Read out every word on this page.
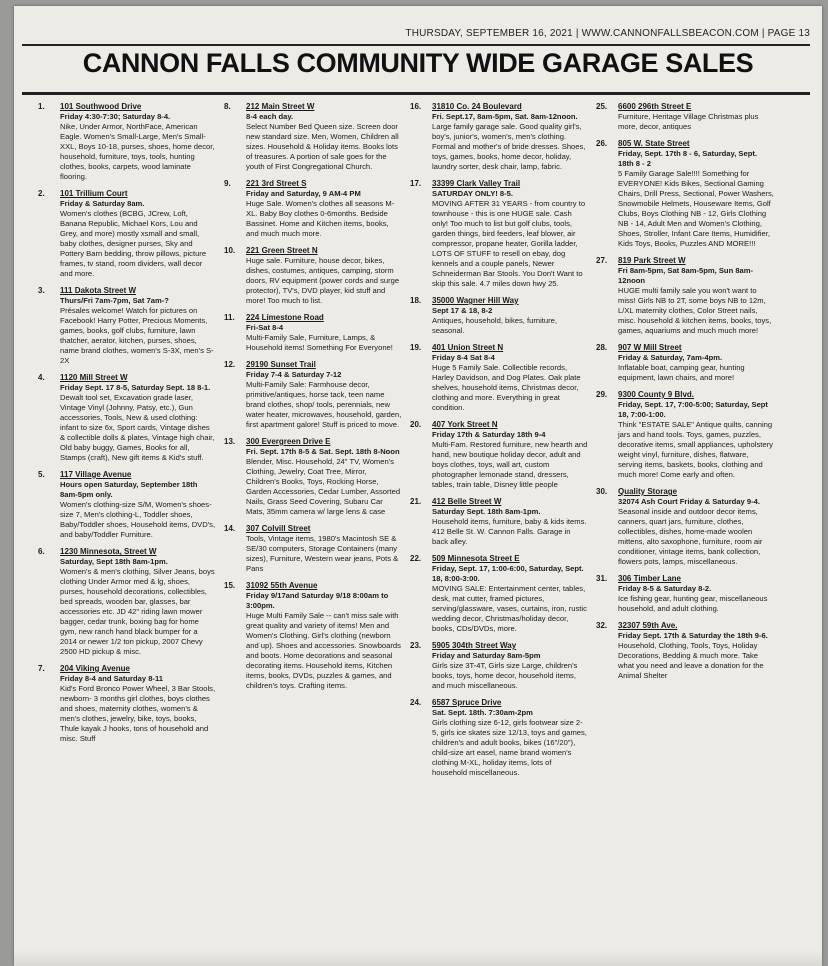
THURSDAY, SEPTEMBER 16, 2021 | WWW.CANNONFALLSBEACON.COM | PAGE 13
CANNON FALLS COMMUNITY WIDE GARAGE SALES
1. 101 Southwood Drive
Friday 4:30-7:30; Saturday 8-4.
Nike, Under Armor, NorthFace, American Eagle. Women's Small-Large, Men's Small-XXL, Boys 10-18, purses, shoes, home decor, household, furniture, toys, tools, hunting clothes, books, carpets, wood laminate flooring.
2. 101 Trillium Court
Friday & Saturday 8am.
Women's clothes (BCBG, JCrew, Loft, Banana Republic, Michael Kors, Lou and Grey, and more) mostly xsmall and small, baby clothes, designer purses, Sky and Pottery Barn bedding, throw pillows, picture frames, tv stand, room dividers, wall decor and more.
3. 111 Dakota Street W
Thurs/Fri 7am-7pm, Sat 7am-?
Présales welcome! Watch for pictures on Facebook! Harry Potter, Precious Moments, games, books, golf clubs, furniture, lawn thatcher, aerator, kitchen, purses, shoes, name brand clothes, women's S-3X, men's S-2X
4. 1120 Mill Street W
Friday Sept. 17 8-5, Saturday Sept. 18 8-1.
Dewalt tool set, Excavation grade laser, Vintage Vinyl (Johnny, Patsy, etc.), Gun accessories, Tools, New & used clothing: infant to size 6x, Sport cards, Vintage dishes & collectible dolls & plates, Vintage high chair, Old baby buggy, Games, Books for all, Stamps (craft), New gift items & Kid's stuff.
5. 117 Village Avenue
Hours open Saturday, September 18th 8am-5pm only.
Women's clothing-size S/M, Women's shoes-size 7, Men's clothing-L, Toddler shoes, Baby/Toddler shoes, Household items, DVD's, and baby/Toddler Furniture.
6. 1230 Minnesota, Street W
Saturday, Sept 18th 8am-1pm.
Women's & men's clothing, Silver Jeans, boys clothing Under Armor med & lg, shoes, purses, household decorations, collectibles, bed spreads, wooden bar, glasses, bar accessories etc. JD 42" riding lawn mower bagger, cedar trunk, boxing bag for home gym, new ranch hand black bumper for a 2014 or newer 1/2 ton pickup, 2007 Chevy 2500 HD pickup & misc.
7. 204 Viking Avenue
Friday 8-4 and Saturday 8-11
Kid's Ford Bronco Power Wheel, 3 Bar Stools, newborn- 3 months girl clothes, boys clothes and shoes, maternity clothes, women's & men's clothes, jewelry, bike, toys, books, Thule kayak J hooks, tons of household and misc. Stuff
8. 212 Main Street W
8-4 each day.
Select Number Bed Queen size. Screen door new standard size. Men, Women, Children all sizes. Household & Holiday items. Books lots of treasures. A portion of sale goes for the youth of First Congregational Church.
9. 221 3rd Street S
Friday and Saturday, 9 AM-4 PM
Huge Sale. Women's clothes all seasons M-XL. Baby Boy clothes 0-6months. Bedside Bassinet. Home and Kitchen items, books, and much much more.
10. 221 Green Street N
Huge sale. Furniture, house decor, bikes, dishes, costumes, antiques, camping, storm doors, RV equipment (power cords and surge protector), TV's, DVD player, kid stuff and more! Too much to list.
11. 224 Limestone Road
Fri-Sat 8-4
Multi-Family Sale, Furniture, Lamps, & Household items! Something For Everyone!
12. 29190 Sunset Trail
Friday 7-4 & Saturday 7-12
Multi-Family Sale: Farmhouse decor, primitive/antiques, horse tack, teen name brand clothes, shop/ tools, perennials, new water heater, microwaves, household, garden, first apartment galore! Stuff is priced to move.
13. 300 Evergreen Drive E
Fri. Sept. 17th 8-5 & Sat. Sept. 18th 8-Noon
Blender, Misc. Household, 24" TV, Women's Clothing, Jewelry, Coat Tree, Mirror, Children's Books, Toys, Rocking Horse, Garden Accessories, Cedar Lumber, Assorted Nails, Grass Seed Covering, Subaru Car Mats, 35mm camera w/ large lens & case
14. 307 Colvill Street
Tools, Vintage items, 1980's Macintosh SE & SE/30 computers, Storage Containers (many sizes), Furniture, Western wear jeans, Pots & Pans
15. 31092 55th Avenue
Friday 9/17and Saturday 9/18 8:00am to 3:00pm.
Huge Multi Family Sale -- can't miss sale with great quality and variety of items! Men and Women's Clothing. Girl's clothing (newborn and up). Shoes and accessories. Snowboards and boots. Home decorations and seasonal decorating items. Household items, Kitchen items, books, DVDs, puzzles & games, and children's toys. Crafting items.
16. 31810 Co. 24 Boulevard
Fri. Sept.17, 8am-5pm, Sat. 8am-12noon.
Large family garage sale. Good quality girl's, boy's, junior's, women's, men's clothing. Formal and mother's of bride dresses. Shoes, toys, games, books, home decor, holiday, laundry sorter, desk chair, lamp, fabric.
17. 33399 Clark Valley Trail
SATURDAY ONLY! 8-5.
MOVING AFTER 31 YEARS - from country to townhouse - this is one HUGE sale. Cash only! Too much to list but golf clubs, tools, garden things, bird feeders, leaf blower, air compressor, propane heater, Gorilla ladder, LOTS OF STUFF to resell on ebay, dog kennels and a couple panels, Newer Schneiderman Bar Stools. You Don't Want to skip this sale. 4.7 miles down hwy 25.
18. 35000 Wagner Hill Way
Sept 17 & 18, 8-2
Antiques, household, bikes, furniture, seasonal.
19. 401 Union Street N
Friday 8-4 Sat 8-4
Huge 5 Family Sale. Collectible records, Harley Davidson, and Dog Plates. Oak plate shelves, household items, Christmas decor, clothing and more. Everything in great condition.
20. 407 York Street N
Friday 17th & Saturday 18th 9-4
Multi-Fam. Restored furniture, new hearth and hand, new boutique holiday decor, adult and boys clothes, toys, wall art, custom photographer lemonade stand, dressers, tables, train table, Disney little people
21. 412 Belle Street W
Saturday Sept. 18th 8am-1pm.
Household items, furniture, baby & kids items. 412 Belle St. W. Cannon Falls. Garage in back alley.
22. 509 Minnesota Street E
Friday, Sept. 17, 1:00-6:00, Saturday, Sept. 18, 8:00-3:00.
MOVING SALE: Entertainment center, tables, desk, mat cutter, framed pictures, serving/glassware, vases, curtains, iron, rustic wedding decor, Christmas/holiday decor, books, CDs/DVDs, more.
23. 5905 304th Street Way
Friday and Saturday 8am-5pm
Girls size 3T-4T, Girls size Large, children's books, toys, home decor, household items, and much miscellaneous.
24. 6587 Spruce Drive
Sat. Sept. 18th. 7:30am-2pm
Girls clothing size 6-12, girls footwear size 2-5, girls ice skates size 12/13, toys and games, children's and adult books, bikes (16"/20"), child-size art easel, name brand women's clothing M-XL, holiday items, lots of household miscellaneous.
25. 6600 296th Street E
Furniture, Heritage Village Christmas plus more, decor, antiques
26. 805 W. State Street
Friday, Sept. 17th 8 - 6, Saturday, Sept. 18th 8 - 2
5 Family Garage Sale!!!! Something for EVERYONE! Kids Bikes, Sectional Gaming Chairs, Drill Press, Sectional, Power Washers, Snowmobile Helmets, Houseware Items, Golf Clubs, Boys Clothing NB - 12, Girls Clothing NB - 14, Adult Men and Women's Clothing, Shoes, Stroller, Infant Care Items, Humidifier, Kids Toys, Books, Puzzles AND MORE!!!
27. 819 Park Street W
Fri 8am-5pm, Sat 8am-5pm, Sun 8am-12noon
HUGE multi family sale you won't want to miss! Girls NB to 2T, some boys NB to 12m, L/XL maternity clothes, Color Street nails, misc. household & kitchen items, books, toys, games, aquariums and much much more!
28. 907 W Mill Street
Friday & Saturday, 7am-4pm.
Inflatable boat, camping gear, hunting equipment, lawn chairs, and more!
29. 9300 County 9 Blvd.
Friday, Sept. 17, 7:00-5:00; Saturday, Sept 18, 7:00-1:00.
Think "ESTATE SALE" Antique quilts, canning jars and hand tools. Toys, games, puzzles, decorative items, small appliances, upholstery weight vinyl, furniture, dishes, flatware, serving items, baskets, books, clothing and much more! Come early and often.
30. Quality Storage
32074 Ash Court Friday & Saturday 9-4.
Seasonal inside and outdoor decor items, canners, quart jars, furniture, clothes, collectibles, dishes, home-made woolen mittens, alto saxophone, furniture, room air conditioner, vintage items, bank collection, flowers pots, lamps, miscellaneous.
31. 306 Timber Lane
Friday 8-5 & Saturday 8-2.
Ice fishing gear, hunting gear, miscellaneous household, and adult clothing.
32. 32307 59th Ave.
Friday Sept. 17th & Saturday the 18th 9-6.
Household, Clothing, Tools, Toys, Holiday Decorations, Bedding & much more. Take what you need and leave a donation for the Animal Shelter
